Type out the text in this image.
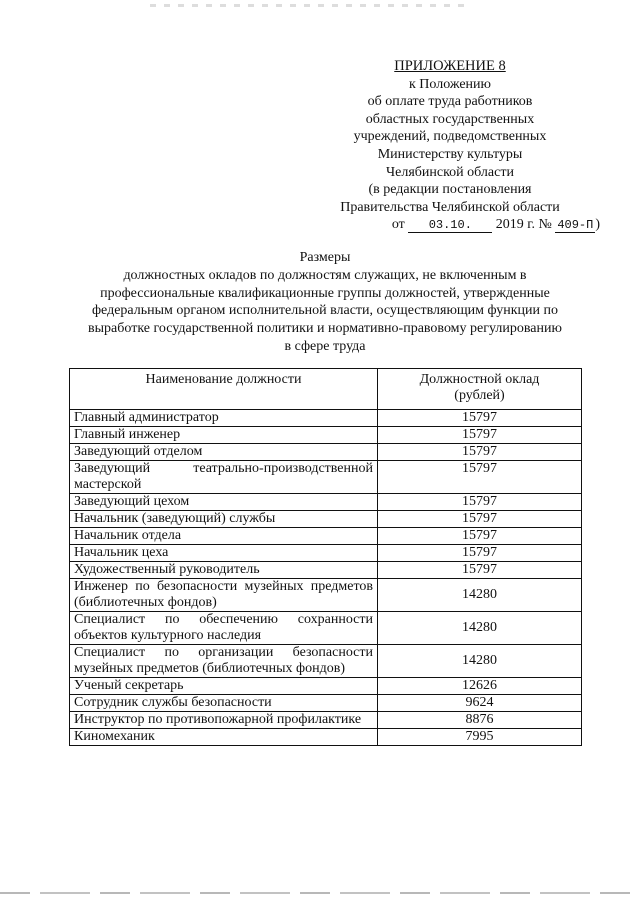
ПРИЛОЖЕНИЕ 8
к Положению
об оплате труда работников
областных государственных
учреждений, подведомственных
Министерству культуры
Челябинской области
(в редакции постановления
Правительства Челябинской области
от 03.10. 2019 г. № 409-П )
Размеры
должностных окладов по должностям служащих, не включенным в
профессиональные квалификационные группы должностей, утвержденные
федеральным органом исполнительной власти, осуществляющим функции по
выработке государственной политики и нормативно-правовому регулированию
в сфере труда
Наименование должности	Должностной оклад
(рублей)

Главный администратор	15797
Главный инженер	15797
Заведующий отделом	15797
Заведующий театрально-производственной мастерской	15797
Заведующий цехом	15797
Начальник (заведующий) службы	15797
Начальник отдела	15797
Начальник цеха	15797
Художественный руководитель	15797
Инженер по безопасности музейных предметов (библиотечных фондов)	14280
Специалист по обеспечению сохранности объектов культурного наследия	14280
Специалист по организации безопасности музейных предметов (библиотечных фондов)	14280
Ученый секретарь	12626
Сотрудник службы безопасности	9624
Инструктор по противопожарной профилактике	8876
Киномеханик	7995
